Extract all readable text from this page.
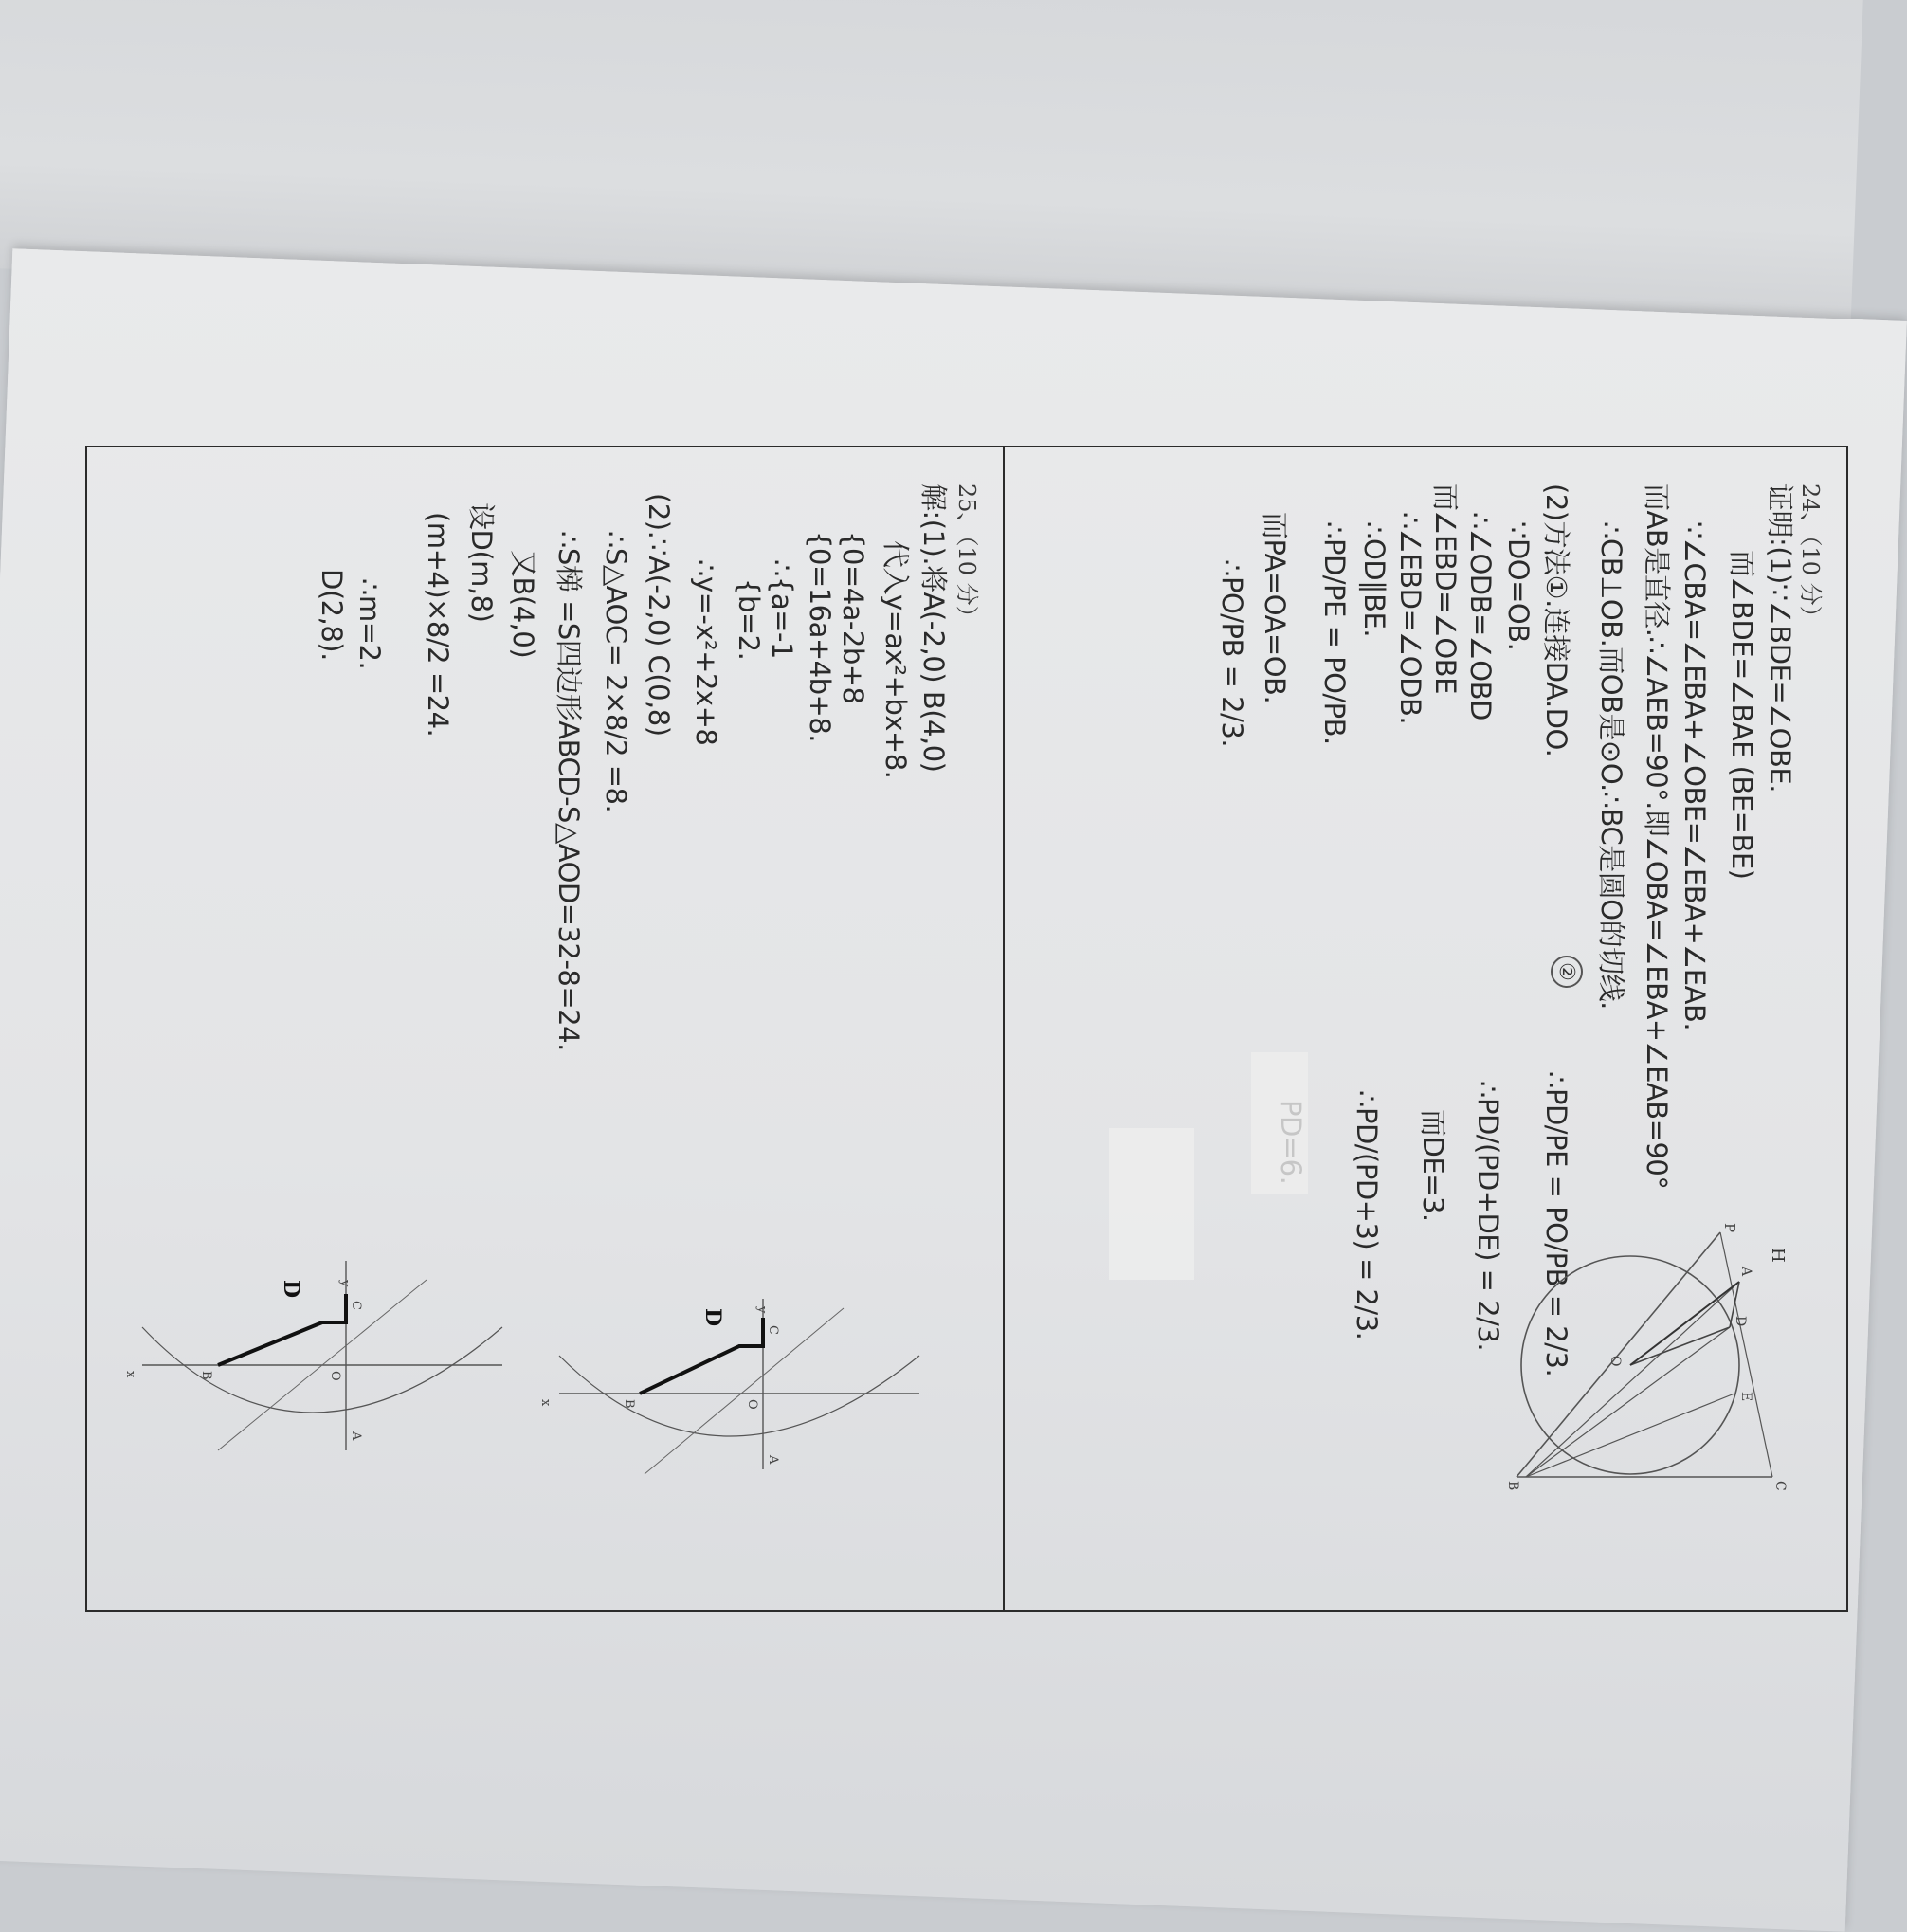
24、（10 分）
证明:(1)∵∠BDE=∠OBE.
而∠BDE=∠BAE (BE=BE)
∵∠CBA=∠EBA+∠OBE=∠EBA+∠EAB.
而AB是直径.∴∠AEB=90°.即∠OBA=∠EBA+∠EAB=90°
∴CB⊥OB.而OB是⊙O.∴BC是圆O的切线.
(2)方法①.连接DA.DO.
∵DO=OB.
∴∠ODB=∠OBD
而∠EBD=∠OBE
∴∠EBD=∠ODB.
∴OD∥BE.
∴PD/PE = PO/PB.
而PA=OA=OB.
∴PO/PB = 2/3.
∴PD/PE = PO/PB = 2/3.
∴PD/(PD+DE) = 2/3.
而DE=3.
∴PD/(PD+3) = 2/3.
②
P
H
A
D
O
E
B	C
25、（10 分）
解:(1).将A(-2,0) B(4,0)
代入y=ax²+bx+8.
{0=4a-2b+8
{0=16a+4b+8.
∴{a=-1
{b=2.
∴y=-x²+2x+8
(2).∵A(-2,0) C(0,8)
∴S△AOC= 2×8/2 =8.
∴S梯 =S四边形ABCD-S△AOD=32-8=24.
又B(4,0)
设D(m,8)
(m+4)×8/2 =24.
∴m=2.
D(2,8).
y
C
A
O
B
x
D
y
C
A
O
B
x
D
